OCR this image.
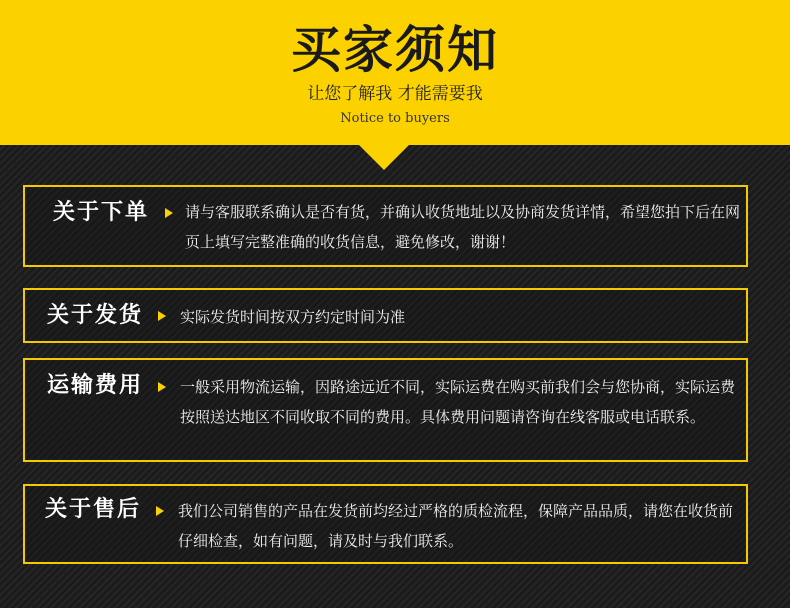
买家须知
让您了解我 才能需要我
Notice to buyers
关于下单 请与客服联系确认是否有货，并确认收货地址以及协商发货详情，希望您拍下后在网页上填写完整准确的收货信息，避免修改，谢谢！
关于发货 实际发货时间按双方约定时间为准
运输费用 一般采用物流运输，因路途远近不同，实际运费在购买前我们会与您协商，实际运费按照送达地区不同收取不同的费用。具体费用问题请咨询在线客服或电话联系。
关于售后 我们公司销售的产品在发货前均经过严格的质检流程，保障产品品质，请您在收货前仔细检查，如有问题，请及时与我们联系。
